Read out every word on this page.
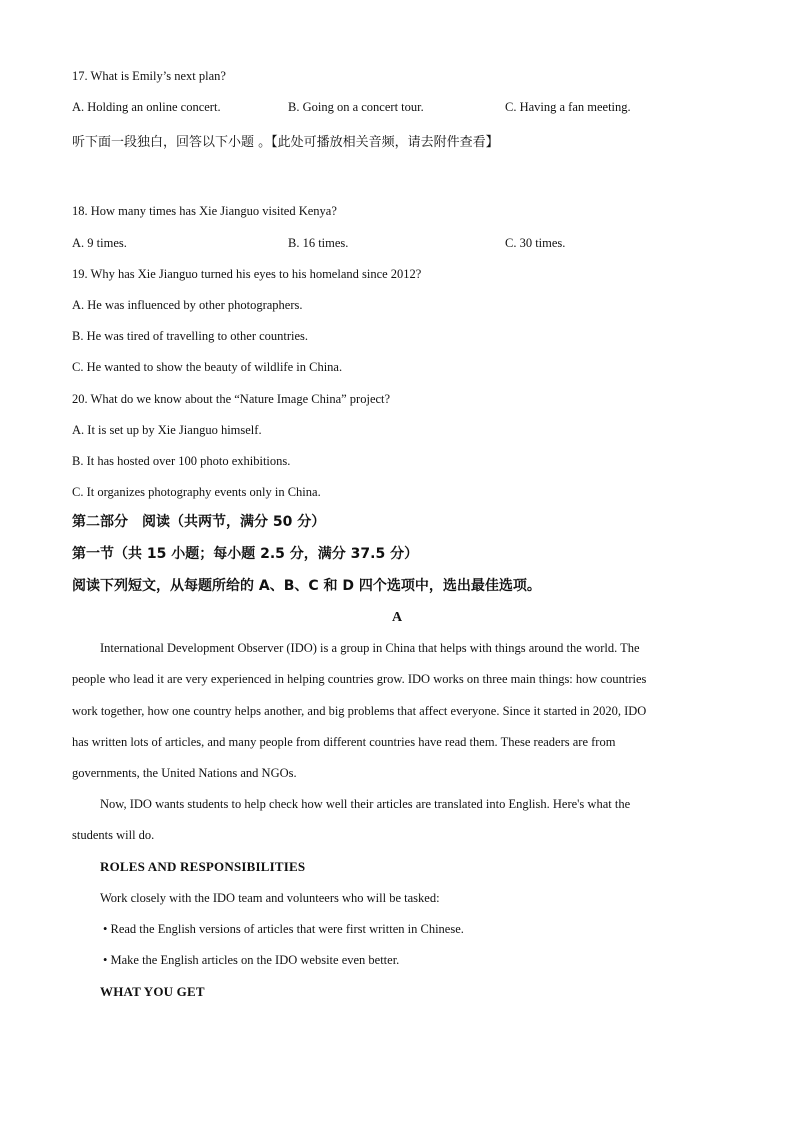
17. What is Emily’s next plan?
A. Holding an online concert.	B. Going on a concert tour.	C. Having a fan meeting.
听下面一段独白，回答以下小题 。【此处可播放相关音频，请去附件查看】
18. How many times has Xie Jianguo visited Kenya?
A. 9 times.	B. 16 times.	C. 30 times.
19. Why has Xie Jianguo turned his eyes to his homeland since 2012?
A. He was influenced by other photographers.
B. He was tired of travelling to other countries.
C. He wanted to show the beauty of wildlife in China.
20. What do we know about the “Nature Image China” project?
A. It is set up by Xie Jianguo himself.
B. It has hosted over 100 photo exhibitions.
C. It organizes photography events only in China.
第二部分　阅读（共两节，满分 50 分）
第一节（共 15 小题；每小题 2.5 分，满分 37.5 分）
阅读下列短文，从每题所给的 A、B、C 和 D 四个选项中，选出最佳选项。
A
International Development Observer (IDO) is a group in China that helps with things around the world. The
people who lead it are very experienced in helping countries grow. IDO works on three main things: how countries
work together, how one country helps another, and big problems that affect everyone. Since it started in 2020, IDO
has written lots of articles, and many people from different countries have read them. These readers are from
governments, the United Nations and NGOs.
Now, IDO wants students to help check how well their articles are translated into English. Here's what the
students will do.
ROLES AND RESPONSIBILITIES
Work closely with the IDO team and volunteers who will be tasked:
• Read the English versions of articles that were first written in Chinese.
• Make the English articles on the IDO website even better.
WHAT YOU GET
